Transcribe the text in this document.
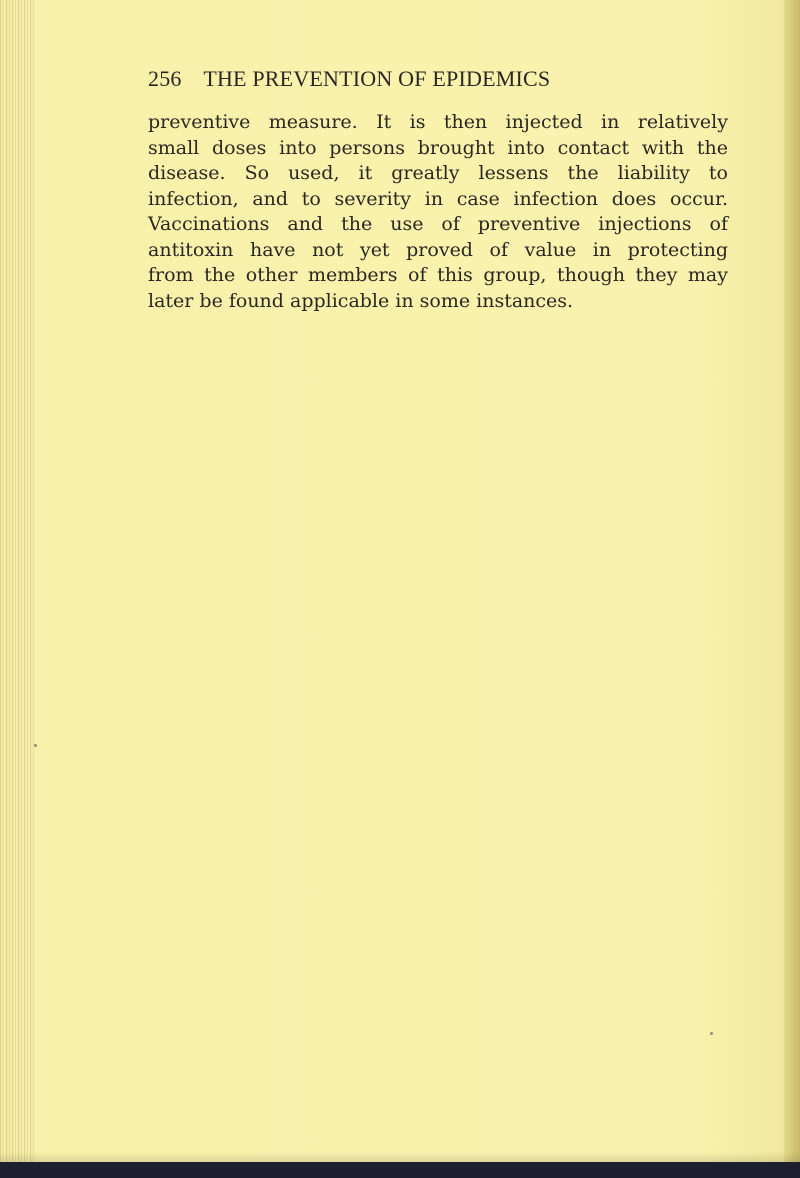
256 THE PREVENTION OF EPIDEMICS
preventive measure. It is then injected in relatively
small doses into persons brought into contact with the
disease. So used, it greatly lessens the liability to
infection, and to severity in case infection does occur.
Vaccinations and the use of preventive injections of
antitoxin have not yet proved of value in protecting
from the other members of this group, though they may
later be found applicable in some instances.
